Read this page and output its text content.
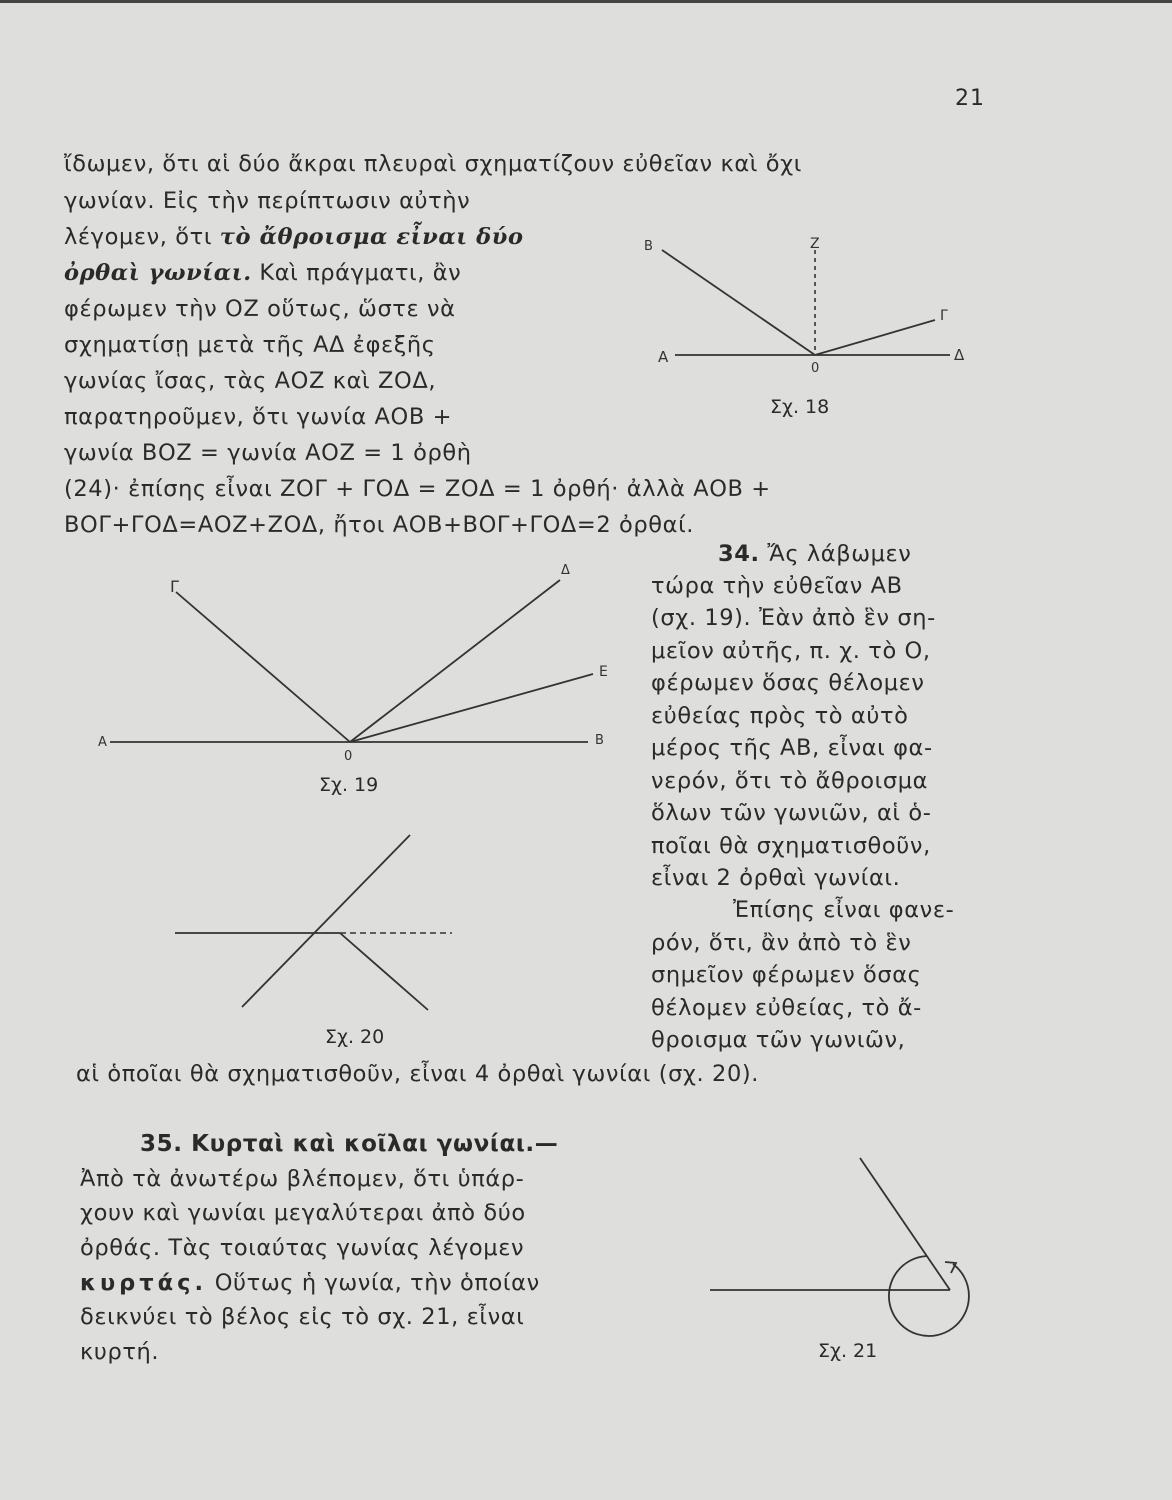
21
ἴδωμεν, ὅτι αἱ δύο ἄκραι πλευραὶ σχηματίζουν εὐθεῖαν καὶ ὄχι
γωνίαν. Εἰς τὴν περίπτωσιν αὐτὴν
λέγομεν, ὅτι τὸ ἄθροισμα εἶναι δύο
ὀρθαὶ γωνίαι. Καὶ πράγματι, ἂν
φέρωμεν τὴν ΟΖ οὕτως, ὥστε νὰ
σχηματίσῃ μετὰ τῆς ΑΔ ἐφεξῆς
γωνίας ἴσας, τὰς ΑΟΖ καὶ ΖΟΔ,
παρατηροῦμεν, ὅτι γωνία ΑΟΒ +
γωνία ΒΟΖ = γωνία ΑΟΖ = 1 ὀρθὴ
(24)· ἐπίσης εἶναι ΖΟΓ + ΓΟΔ = ΖΟΔ = 1 ὀρθή· ἀλλὰ ΑΟΒ +
ΒΟΓ+ΓΟΔ=ΑΟΖ+ΖΟΔ, ἤτοι ΑΟΒ+ΒΟΓ+ΓΟΔ=2 ὀρθαί.
Α
Β	Ζ
Γ
Δ
0
Σχ. 18
34. Ἄς λάβωμεν
τώρα τὴν εὐθεῖαν ΑΒ
(σχ. 19). Ἐὰν ἀπὸ ἓν ση-
μεῖον αὐτῆς, π. χ. τὸ Ο,
φέρωμεν ὅσας θέλομεν
εὐθείας πρὸς τὸ αὐτὸ
μέρος τῆς ΑΒ, εἶναι φα-
νερόν, ὅτι τὸ ἄθροισμα
ὅλων τῶν γωνιῶν, αἱ ὁ-
ποῖαι θὰ σχηματισθοῦν,
εἶναι 2 ὀρθαὶ γωνίαι.
Ἐπίσης εἶναι φανε-
ρόν, ὅτι, ἂν ἀπὸ τὸ ἓν
σημεῖον φέρωμεν ὅσας
θέλομεν εὐθείας, τὸ ἄ-
θροισμα τῶν γωνιῶν,
αἱ ὁποῖαι θὰ σχηματισθοῦν, εἶναι 4 ὀρθαὶ γωνίαι (σχ. 20).
Α	Β
Γ
Δ
Ε
0
Σχ. 19
Σχ. 20
35. Κυρταὶ καὶ κοῖλαι γωνίαι.—
Ἀπὸ τὰ ἀνωτέρω βλέπομεν, ὅτι ὑπάρ-
χουν καὶ γωνίαι μεγαλύτεραι ἀπὸ δύο
ὀρθάς. Τὰς τοιαύτας γωνίας λέγομεν
κυρτάς. Οὕτως ἡ γωνία, τὴν ὁποίαν
δεικνύει τὸ βέλος εἰς τὸ σχ. 21, εἶναι
κυρτή.	Σχ. 21
